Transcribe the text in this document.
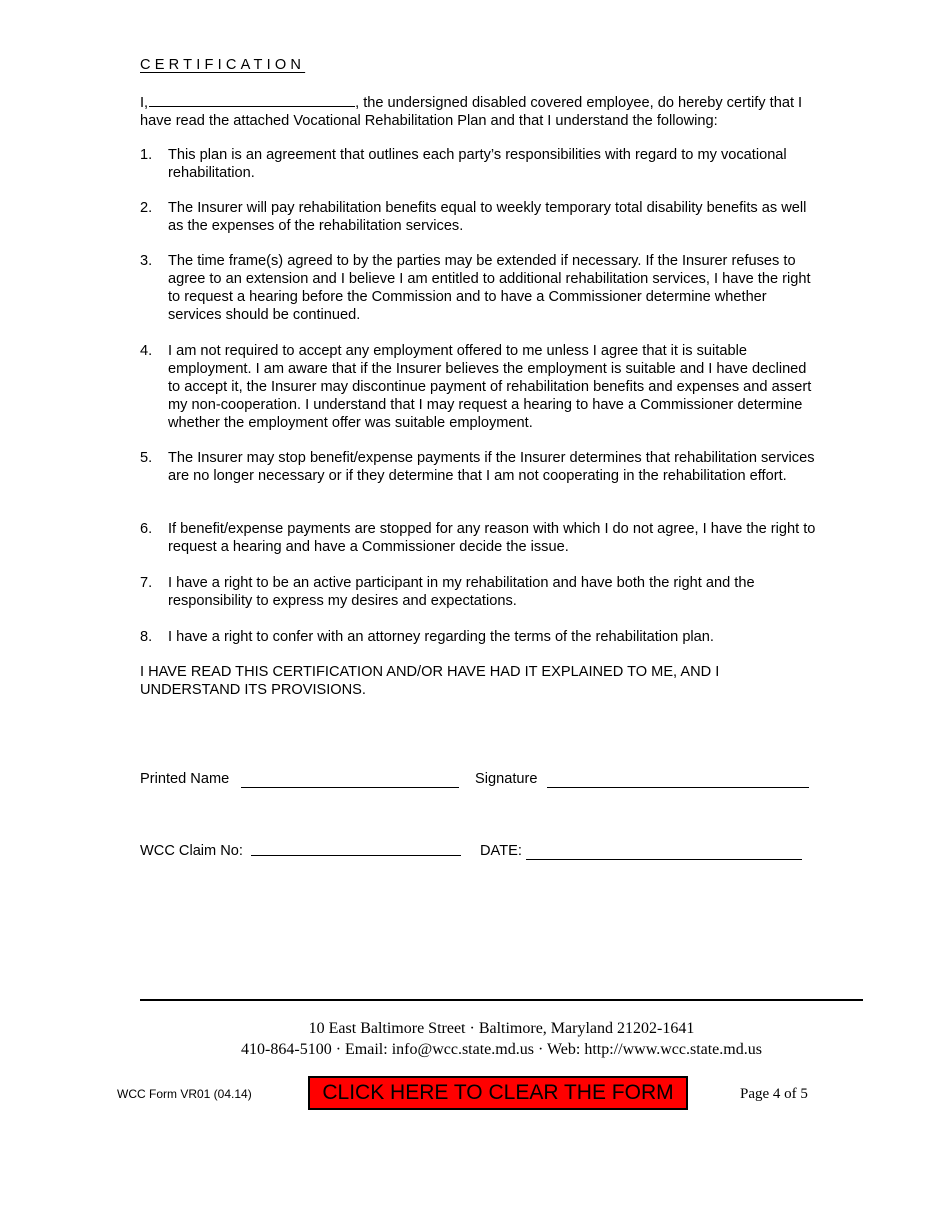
CERTIFICATION
I,	, the undersigned disabled covered employee, do hereby certify that I have read the attached Vocational Rehabilitation Plan and that I understand the following:
1. This plan is an agreement that outlines each party’s responsibilities with regard to my vocational rehabilitation.
2. The Insurer will pay rehabilitation benefits equal to weekly temporary total disability benefits as well as the expenses of the rehabilitation services.
3. The time frame(s) agreed to by the parties may be extended if necessary. If the Insurer refuses to agree to an extension and I believe I am entitled to additional rehabilitation services, I have the right to request a hearing before the Commission and to have a Commissioner determine whether services should be continued.
4. I am not required to accept any employment offered to me unless I agree that it is suitable employment. I am aware that if the Insurer believes the employment is suitable and I have declined to accept it, the Insurer may discontinue payment of rehabilitation benefits and expenses and assert my non-cooperation. I understand that I may request a hearing to have a Commissioner determine whether the employment offer was suitable employment.
5. The Insurer may stop benefit/expense payments if the Insurer determines that rehabilitation services are no longer necessary or if they determine that I am not cooperating in the rehabilitation effort.
6. If benefit/expense payments are stopped for any reason with which I do not agree, I have the right to request a hearing and have a Commissioner decide the issue.
7. I have a right to be an active participant in my rehabilitation and have both the right and the responsibility to express my desires and expectations.
8. I have a right to confer with an attorney regarding the terms of the rehabilitation plan.
I HAVE READ THIS CERTIFICATION AND/OR HAVE HAD IT EXPLAINED TO ME, AND I UNDERSTAND ITS PROVISIONS.
Printed Name	Signature
WCC Claim No:	DATE:
10 East Baltimore Street · Baltimore, Maryland 21202-1641
410-864-5100 · Email: info@wcc.state.md.us · Web: http://www.wcc.state.md.us
WCC Form VR01 (04.14)	CLICK HERE TO CLEAR THE FORM	Page 4 of 5
